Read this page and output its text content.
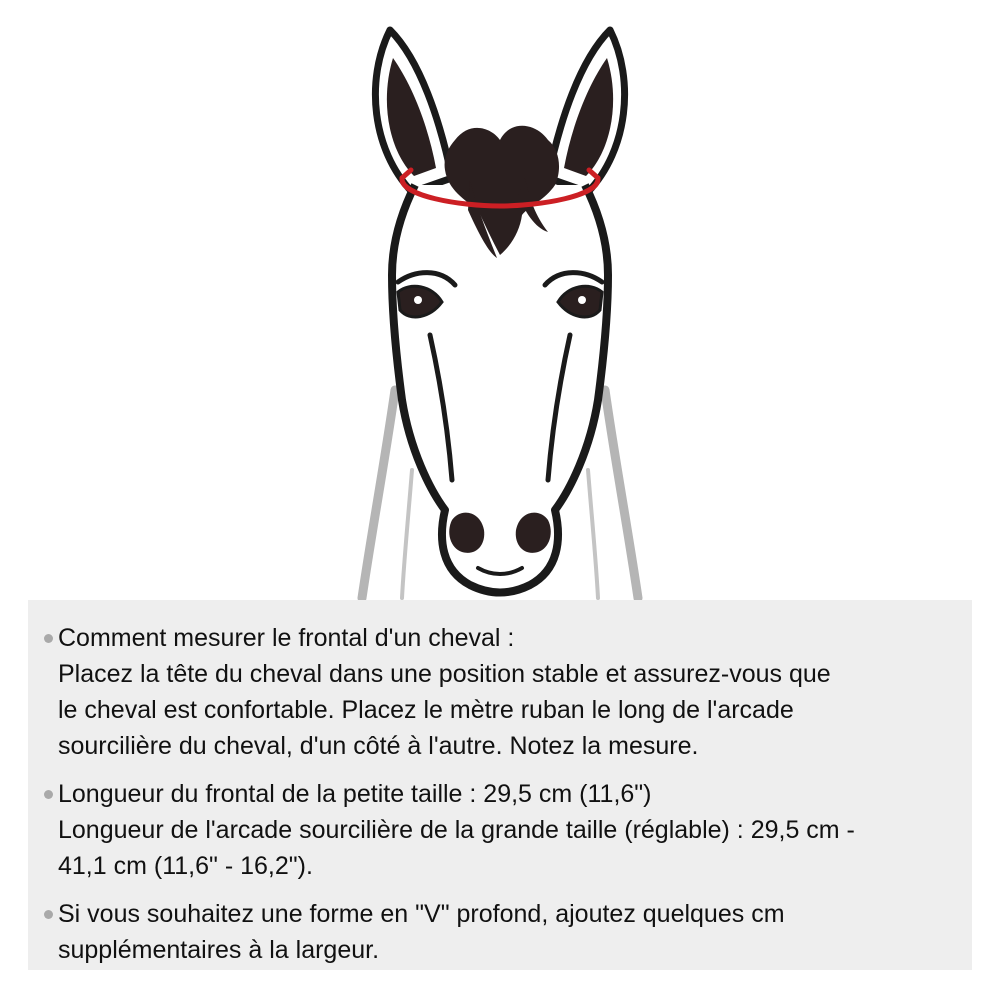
Comment mesurer le frontal d'un cheval :
Placez la tête du cheval dans une position stable et assurez-vous que
le cheval est confortable. Placez le mètre ruban le long de l'arcade
sourcilière du cheval, d'un côté à l'autre. Notez la mesure.
Longueur du frontal de la petite taille : 29,5 cm (11,6")
Longueur de l'arcade sourcilière de la grande taille (réglable) : 29,5 cm -
41,1 cm (11,6" - 16,2").
Si vous souhaitez une forme en "V" profond, ajoutez quelques cm
supplémentaires à la largeur.
